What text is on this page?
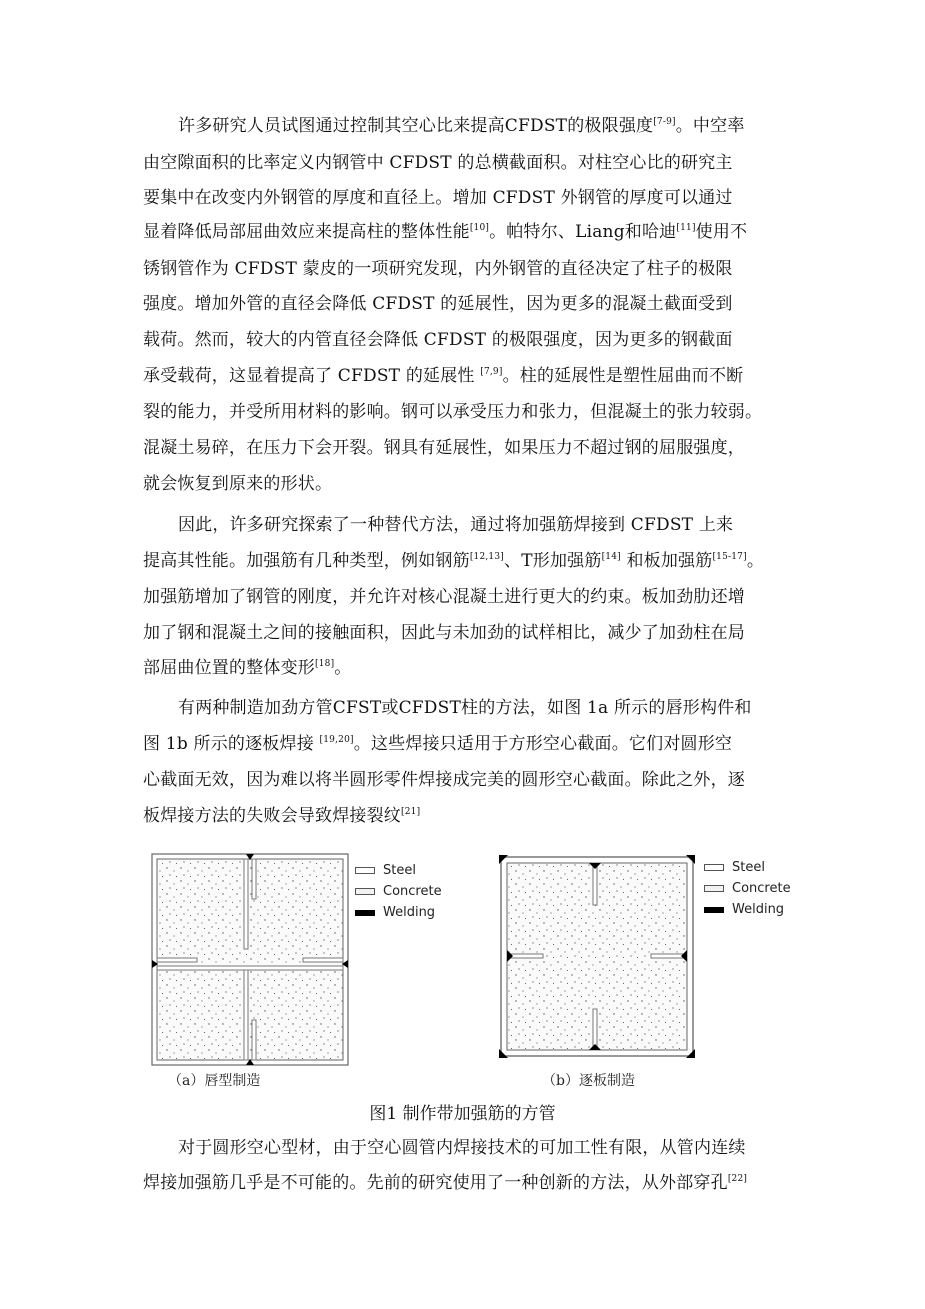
许多研究人员试图通过控制其空心比来提高CFDST的极限强度[7-9]。中空率
由空隙面积的比率定义内钢管中 CFDST 的总横截面积。对柱空心比的研究主
要集中在改变内外钢管的厚度和直径上。增加 CFDST 外钢管的厚度可以通过
显着降低局部屈曲效应来提高柱的整体性能[10]。帕特尔、Liang和哈迪[11]使用不
锈钢管作为 CFDST 蒙皮的一项研究发现，内外钢管的直径决定了柱子的极限
强度。增加外管的直径会降低 CFDST 的延展性，因为更多的混凝土截面受到
载荷。然而，较大的内管直径会降低 CFDST 的极限强度，因为更多的钢截面
承受载荷，这显着提高了 CFDST 的延展性 [7,9]。柱的延展性是塑性屈曲而不断
裂的能力，并受所用材料的影响。钢可以承受压力和张力，但混凝土的张力较弱。
混凝土易碎，在压力下会开裂。钢具有延展性，如果压力不超过钢的屈服强度，
就会恢复到原来的形状。
因此，许多研究探索了一种替代方法，通过将加强筋焊接到 CFDST 上来
提高其性能。加强筋有几种类型，例如钢筋[12,13]、T形加强筋[14] 和板加强筋[15-17]。
加强筋增加了钢管的刚度，并允许对核心混凝土进行更大的约束。板加劲肋还增
加了钢和混凝土之间的接触面积，因此与未加劲的试样相比，减少了加劲柱在局
部屈曲位置的整体变形[18]。
有两种制造加劲方管CFST或CFDST柱的方法，如图 1a 所示的唇形构件和
图 1b 所示的逐板焊接 [19,20]。这些焊接只适用于方形空心截面。它们对圆形空
心截面无效，因为难以将半圆形零件焊接成完美的圆形空心截面。除此之外，逐
板焊接方法的失败会导致焊接裂纹[21]
Steel
Concrete
Welding
Steel
Concrete
Welding
（a）唇型制造	（b）逐板制造
图1 制作带加强筋的方管
对于圆形空心型材，由于空心圆管内焊接技术的可加工性有限，从管内连续
焊接加强筋几乎是不可能的。先前的研究使用了一种创新的方法，从外部穿孔[22]
